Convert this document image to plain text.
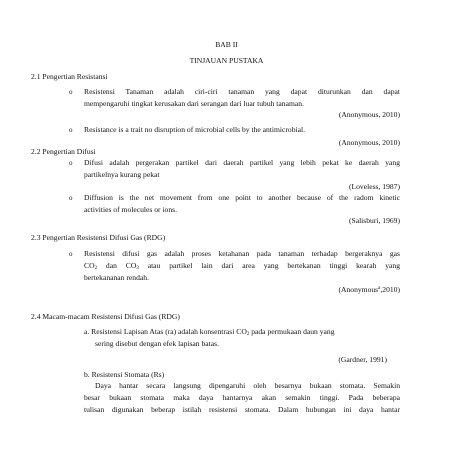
BAB II
TINJAUAN PUSTAKA
2.1 Pengertian Resistansi
o Resistensi Tanaman adalah ciri-ciri tanaman yang dapat diturunkan dan dapat
mempengaruhi tingkat kerusakan dari serangan dari luar tubuh tanaman.
(Anonymous, 2010)
o Resistance is a trait no disruption of microbial cells by the antimicrobial.
(Anonymous, 2010)
2.2 Pengertian Difusi
o Difusi adalah pergerakan partikel dari daerah partikel yang lebih pekat ke daerah yang
partikelnya kurang pekat
(Loveless, 1987)
o Diffusion is the net movement from one point to another because of the radom kinetic
activities of molecules or ions.
(Salisburi, 1969)
2.3 Pengertian Resistensi Difusi Gas (RDG)
o Resistensi difusi gas adalah proses ketahanan pada tanaman terhadap bergeraknya gas
$CO_2$ dan $CO_3$ atau partikel lain dari area yang bertekanan tinggi kearah yang
bertekananan rendah.
(Anonymous$^a$,2010)
2.4 Macam-macam Resistensi Difusi Gas (RDG)
a. Resistensi Lapisan Atas (ra) adalah konsentrasi $CO_2$ pada permukaan daun yang
sering disebut dengan efek lapisan batas.
(Gardner, 1991)
b. Resistensi Stomata (Rs)
Daya hantar secara langsung dipengaruhi oleh besarnya bukaan stomata. Semakin
besar bukaan stomata maka daya hantarnya akan semakin tinggi. Pada beberapa
tulisan digunakan beberap istilah resistensi stomata. Dalam hubungan ini daya hantar
